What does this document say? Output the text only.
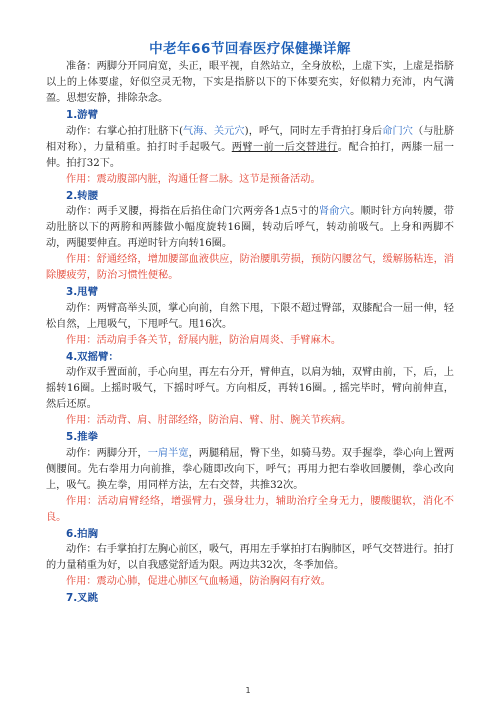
中老年66节回春医疗保健操详解

准备：两脚分开同肩宽，头正，眼平视，自然站立，全身放松，上虚下实，上虚是指脐以上的上体要虚，好似空灵无物，下实是指脐以下的下体要充实，好似精力充沛，内气满盈。思想安静，排除杂念。

1.游臂

动作：右掌心拍打肚脐下(气海、关元穴)，呼气，同时左手背拍打身后命门穴（与肚脐相对称），力量稍重。拍打时手起吸气。两臂一前一后交替进行。配合拍打，两膝一屈一伸。拍打32下。

作用：震动腹部内脏，沟通任督二脉。这节是预备活动。

2.转腰

动作：两手叉腰，拇指在后掐住命门穴两旁各1点5寸的肾俞穴。顺时针方向转腰，带动肚脐以下的两胯和两膝做小幅度旋转16圈，转动后呼气，转动前吸气。上身和两脚不动，两腿要伸直。再逆时针方向转16圈。

作用：舒通经络，增加腰部血液供应，防治腰肌劳损，预防闪腰岔气，缓解肠粘连，消除腰疲劳，防治习惯性便秘。

3.甩臂

动作：两臂高举头顶，掌心向前，自然下甩，下限不超过臀部，双膝配合一屈一伸，轻松自然，上甩吸气，下甩呼气。甩16次。

作用：活动肩手各关节，舒展内脏，防治肩周炎、手臂麻木。

4.双摇臂：

动作双手置面前，手心向里，再左右分开，臂伸直，以肩为轴，双臂由前，下，后，上摇转16圈。上摇时吸气，下摇时呼气。方向相反，再转16圈。, 摇完毕时，臂向前伸直，然后还原。

作用：活动背、肩、肘部经络，防治肩、臂、肘、腕关节疾病。

5.推拳

动作：两脚分开，一肩半宽，两腿稍屈，臀下坐，如骑马势。双手握拳，拳心向上置两侧腰间。先右拳用力向前推，拳心随即改向下，呼气；再用力把右拳收回腰侧，拳心改向上，吸气。换左拳，用同样方法，左右交替，共推32次。

作用：活动肩臂经络，增强臂力，强身壮力，辅助治疗全身无力，腰酸腿软，消化不良。

6.拍胸

动作：右手掌拍打左胸心前区，吸气，再用左手掌拍打右胸肺区，呼气交替进行。拍打的力量稍重为好，以自我感觉舒适为限。两边共32次，冬季加倍。

作用：震动心肺，促进心肺区气血畅通，防治胸闷有疗效。

7.叉跳
1
